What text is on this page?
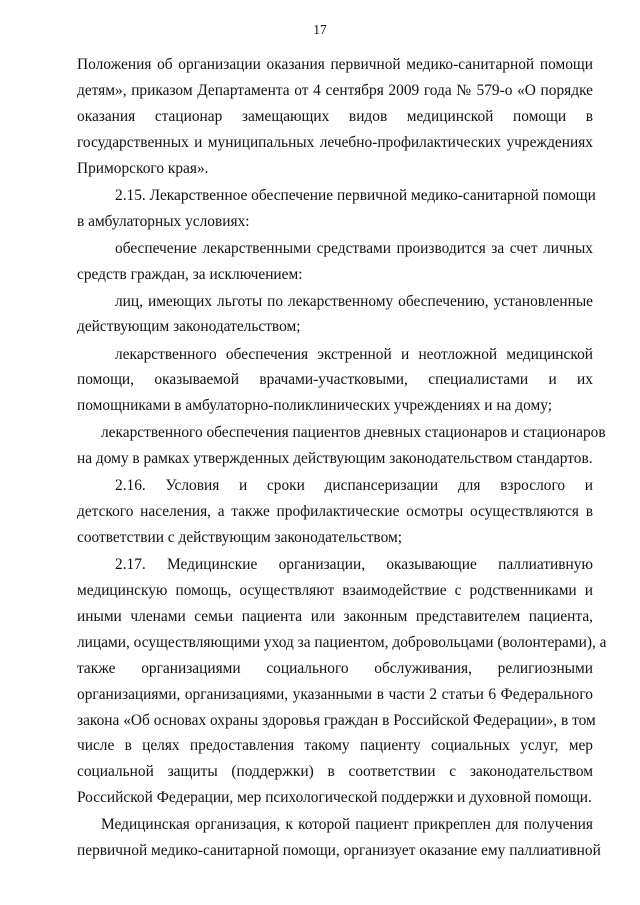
17

Положения об организации оказания первичной медико-санитарной помощи
детям», приказом Департамента от 4 сентября 2009 года № 579-о «О порядке
оказания стационар замещающих видов медицинской помощи в
государственных и муниципальных лечебно-профилактических учреждениях
Приморского края».

2.15. Лекарственное обеспечение первичной медико-санитарной помощи
в амбулаторных условиях:

обеспечение лекарственными средствами производится за счет личных
средств граждан, за исключением:

лиц, имеющих льготы по лекарственному обеспечению, установленные
действующим законодательством;

лекарственного обеспечения экстренной и неотложной медицинской
помощи, оказываемой врачами-участковыми, специалистами и их
помощниками в амбулаторно-поликлинических учреждениях и на дому;

лекарственного обеспечения пациентов дневных стационаров и стационаров
на дому в рамках утвержденных действующим законодательством стандартов.

2.16. Условия и сроки диспансеризации для взрослого и
детского населения, а также профилактические осмотры осуществляются в
соответствии с действующим законодательством;

2.17. Медицинские организации, оказывающие паллиативную
медицинскую помощь, осуществляют взаимодействие с родственниками и
иными членами семьи пациента или законным представителем пациента,
лицами, осуществляющими уход за пациентом, добровольцами (волонтерами), а
также организациями социального обслуживания, религиозными
организациями, организациями, указанными в части 2 статьи 6 Федерального
закона «Об основах охраны здоровья граждан в Российской Федерации», в том
числе в целях предоставления такому пациенту социальных услуг, мер
социальной защиты (поддержки) в соответствии с законодательством
Российской Федерации, мер психологической поддержки и духовной помощи.

Медицинская организация, к которой пациент прикреплен для получения
первичной медико-санитарной помощи, организует оказание ему паллиативной
